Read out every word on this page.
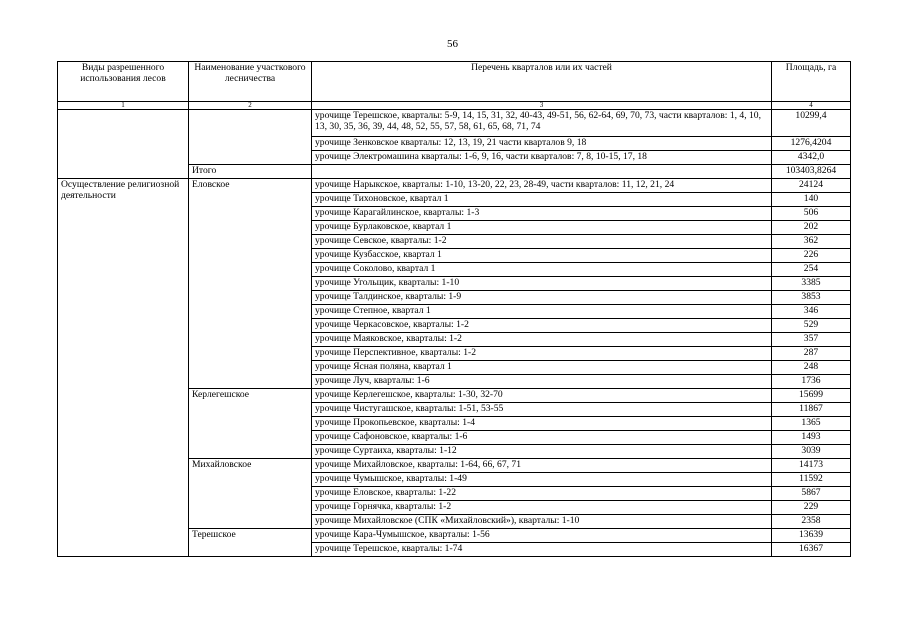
56
Виды разрешенного использования лесов	Наименование участкового лесничества	Перечень кварталов или их частей	Площадь, га
1	2	3	4
		урочище Терешское, кварталы: 5-9, 14, 15, 31, 32, 40-43, 49-51, 56, 62-64, 69, 70, 73, части кварталов: 1, 4, 10, 13, 30, 35, 36, 39, 44, 48, 52, 55, 57, 58, 61, 65, 68, 71, 74	10299,4
		урочище Зенковское кварталы: 12, 13, 19, 21 части кварталов 9, 18	1276,4204
		урочище Электромашина кварталы: 1-6, 9, 16, части кварталов: 7, 8, 10-15, 17, 18	4342,0
	Итого		103403,8264
Осуществление религиозной деятельности	Еловское	урочище Нарыкское, кварталы: 1-10, 13-20, 22, 23, 28-49, части кварталов: 11, 12, 21, 24	24124
		урочище Тихоновское, квартал 1	140
		урочище Карагайлинское, кварталы: 1-3	506
		урочище Бурлаковское, квартал 1	202
		урочище Севское, кварталы: 1-2	362
		урочище Кузбасское, квартал 1	226
		урочище Соколово, квартал 1	254
		урочище Угольщик, кварталы: 1-10	3385
		урочище Талдинское, кварталы: 1-9	3853
		урочище Степное, квартал 1	346
		урочище Черкасовское, кварталы: 1-2	529
		урочище Маяковское, кварталы: 1-2	357
		урочище Перспективное, кварталы: 1-2	287
		урочище Ясная поляна, квартал 1	248
		урочище Луч, кварталы: 1-6	1736
	Керлегешское	урочище Керлегешское, кварталы: 1-30, 32-70	15699
		урочище Чистугашское, кварталы: 1-51, 53-55	11867
		урочище Прокопьевское, кварталы: 1-4	1365
		урочище Сафоновское, кварталы: 1-6	1493
		урочище Суртаиха, кварталы: 1-12	3039
	Михайловское	урочище Михайловское, кварталы: 1-64, 66, 67, 71	14173
		урочище Чумышское, кварталы: 1-49	11592
		урочище Еловское, кварталы: 1-22	5867
		урочище Горнячка, кварталы: 1-2	229
		урочище Михайловское (СПК «Михайловский»), кварталы: 1-10	2358
	Терешское	урочище Кара-Чумышское, кварталы: 1-56	13639
		урочище Терешское, кварталы: 1-74	16367
